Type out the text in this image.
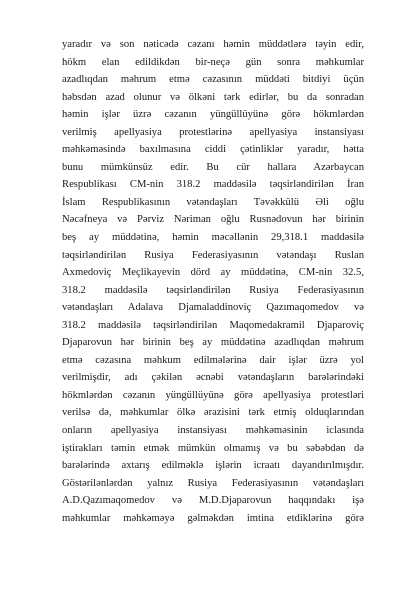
yaradır və son nəticədə cəzanı həmin müddətlərə təyin edir,
hökm elan edildikdən bir-neçə gün sonra məhkumlar
azadlıqdan məhrum etmə cəzasının müddəti bitdiyi üçün
həbsdən azad olunur və ölkəni tərk edirlər, bu da sonradan
həmin işlər üzrə cəzanın yüngüllüyünə görə hökmlərdən
verilmiş apellyasiya protestlərinə apellyasiya instansiyası
məhkəməsində baxılmasına ciddi çətinliklər yaradır, hətta
bunu mümkünsüz edir. Bu cür hallara Azərbaycan
Respublikası CM-nin 318.2 maddəsilə təqsirləndirilən İran
İslam Respublikasının vətəndaşları Təvəkkülü Əli oğlu
Nəcəfneya və Pərviz Nəriman oğlu Rusnədovun hər birinin
beş ay müddətinə, həmin məcəllənin 29,318.1 maddəsilə
təqsirləndirilən Rusiya Federasiyasının vətəndaşı Ruslan
Axmedoviç Meçlikayevin dörd ay müddətinə, CM-nin 32.5,
318.2 maddəsilə təqsirləndirilən Rusiya Federasiyasının
vətəndaşları Adalava Djamaladdinoviç Qazımaqomedov və
318.2 maddəsilə təqsirləndirilən Maqomedakramil Djaparoviç
Djaparovun hər birinin beş ay müddətinə azadlıqdan məhrum
etmə cəzasına məhkum edilmələrinə dair işlər üzrə yol
verilmişdir, adı çəkilən əcnəbi vətəndaşların barələrindəki
hökmlərdən cəzanın yüngüllüyünə görə apellyasiya protestləri
verilsə də, məhkumlar ölkə ərazisini tərk etmiş olduqlarından
onların apellyasiya instansiyası məhkəməsinin iclasında
iştirakları təmin etmək mümkün olmamış və bu səbəbdən də
barələrində axtarış edilməklə işlərin icraatı dayandırılmışdır.
Göstərilənlərdən yalnız Rusiya Federasiyasının vətəndaşları
A.D.Qazımaqomedov və M.D.Djaparovun haqqındakı işə
məhkumlar məhkəməyə gəlməkdən imtina etdiklərinə görə
